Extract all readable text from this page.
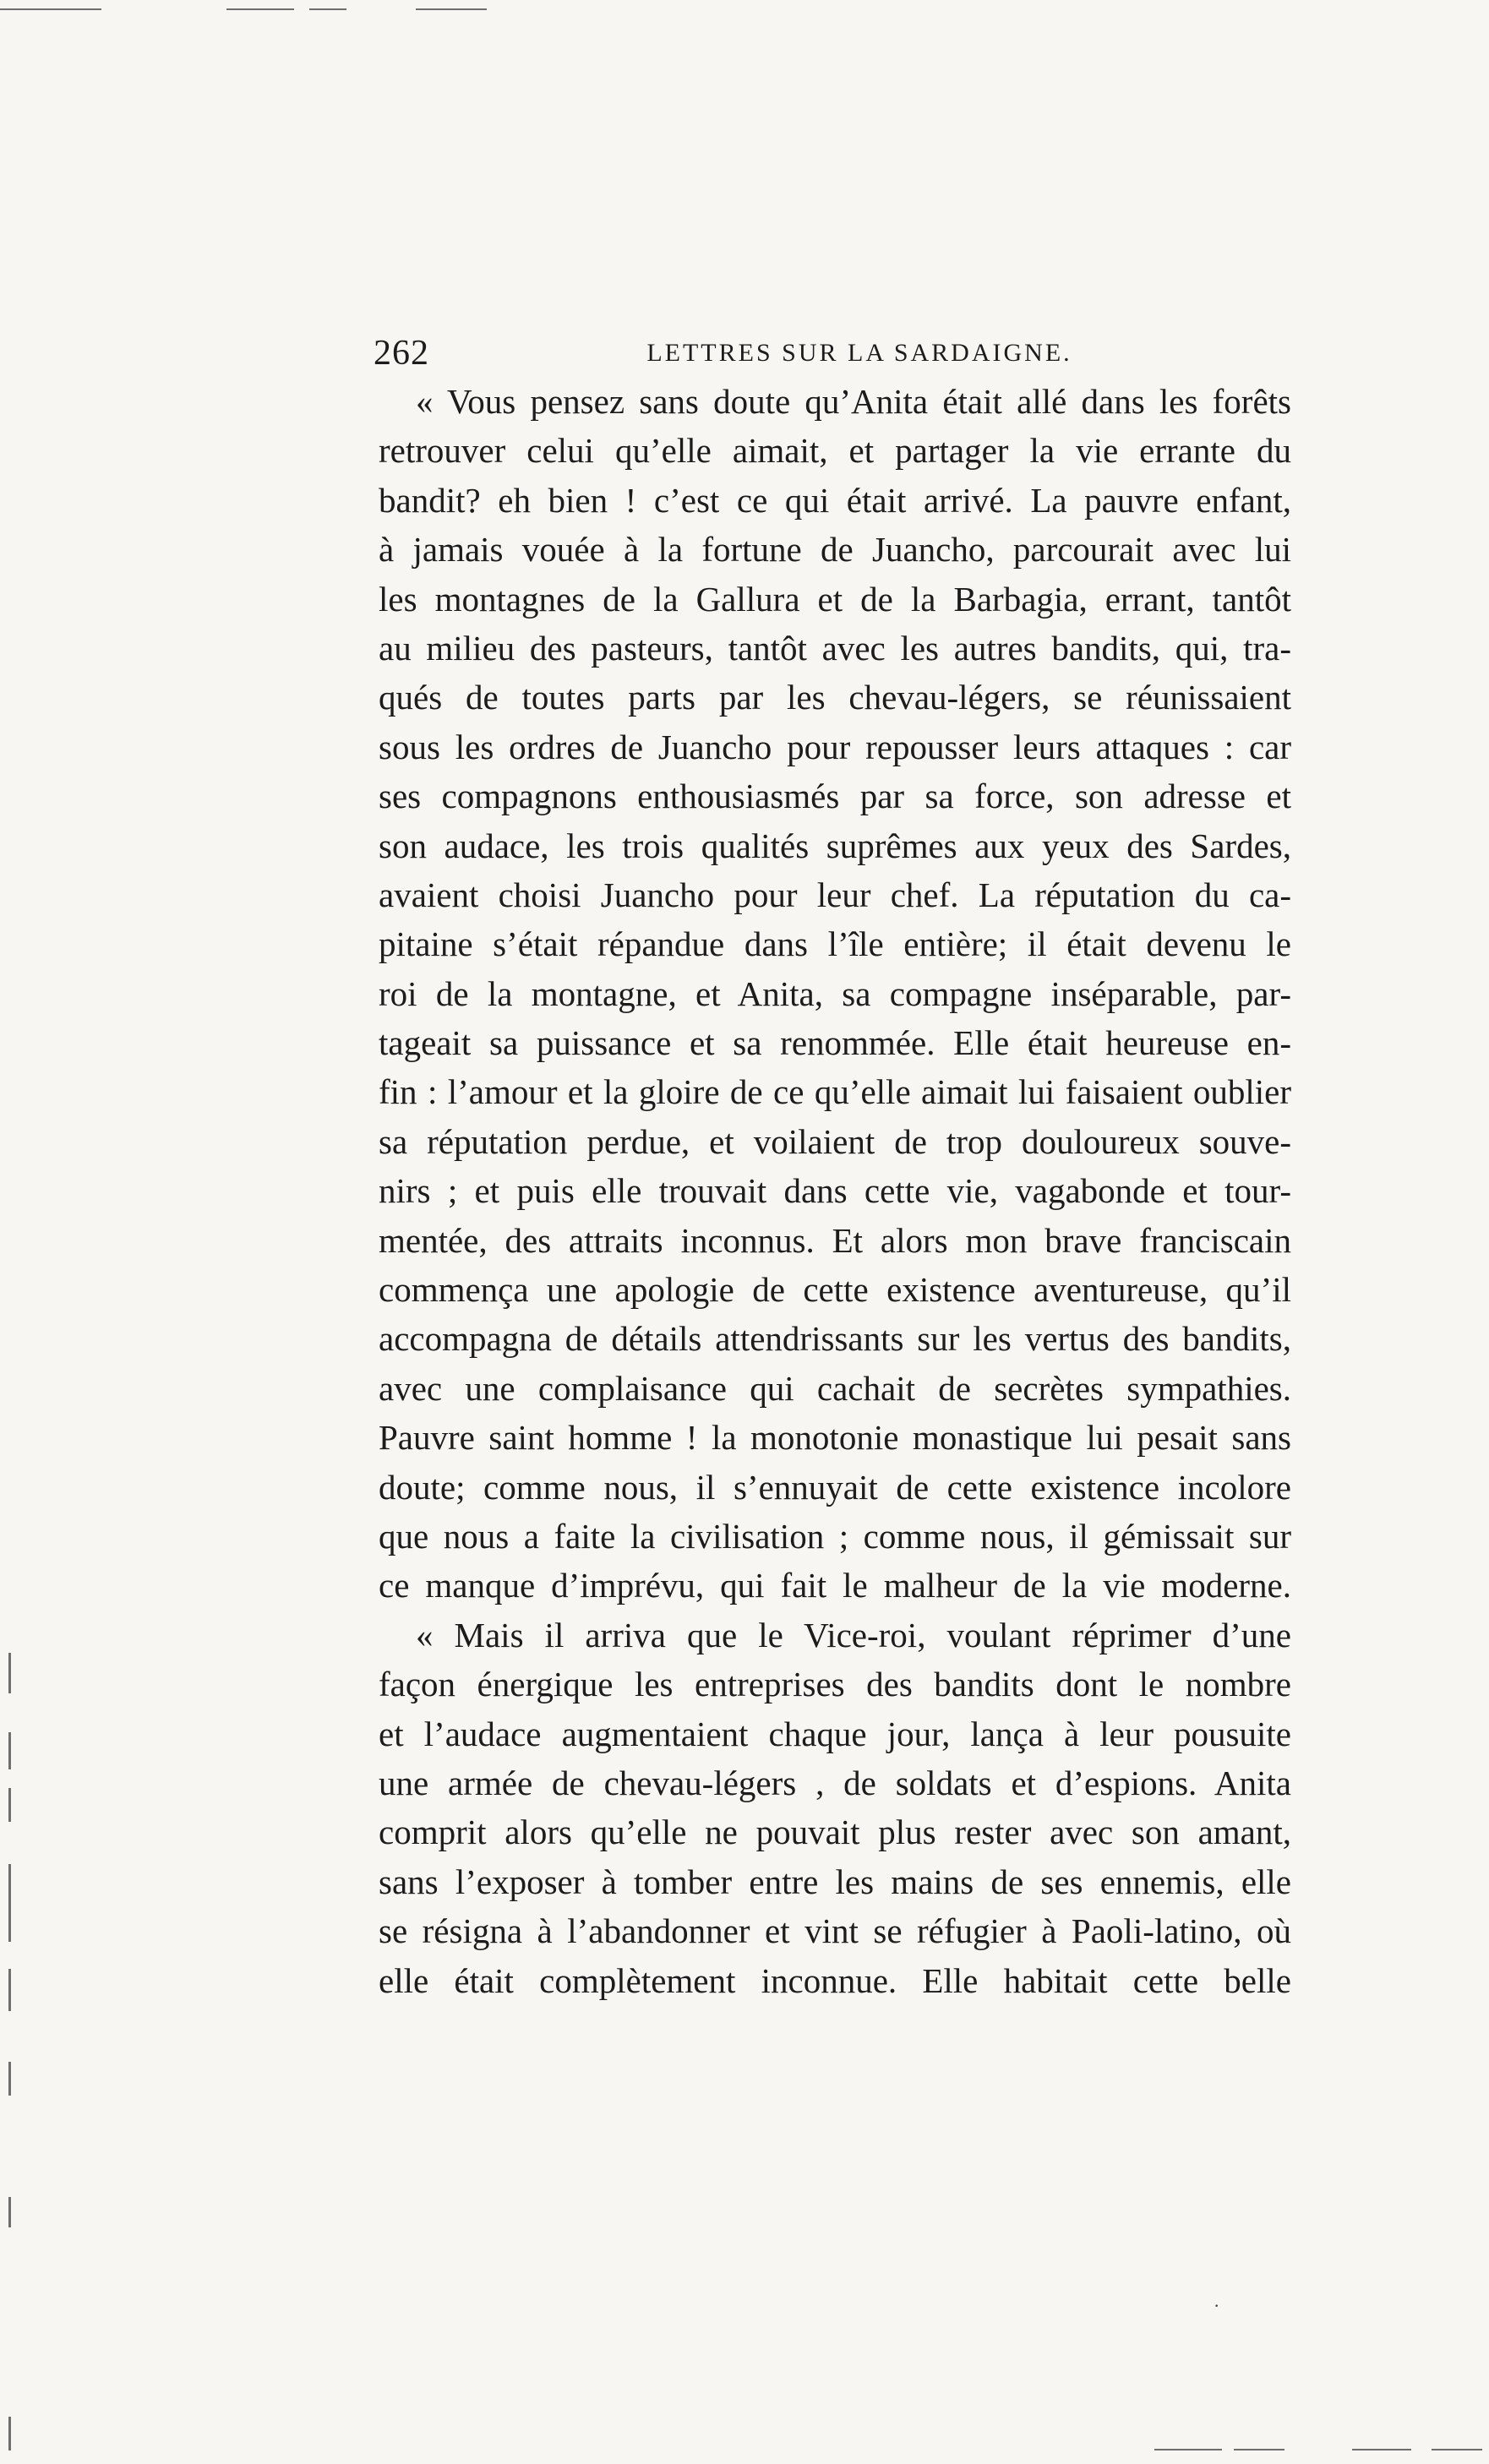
262	LETTRES SUR LA SARDAIGNE.
« Vous pensez sans doute qu’Anita était allé dans les forêts
retrouver celui qu’elle aimait, et partager la vie errante du
bandit? eh bien ! c’est ce qui était arrivé. La pauvre enfant,
à jamais vouée à la fortune de Juancho, parcourait avec lui
les montagnes de la Gallura et de la Barbagia, errant, tantôt
au milieu des pasteurs, tantôt avec les autres bandits, qui, tra-
qués de toutes parts par les chevau-légers, se réunissaient
sous les ordres de Juancho pour repousser leurs attaques : car
ses compagnons enthousiasmés par sa force, son adresse et
son audace, les trois qualités suprêmes aux yeux des Sardes,
avaient choisi Juancho pour leur chef. La réputation du ca-
pitaine s’était répandue dans l’île entière; il était devenu le
roi de la montagne, et Anita, sa compagne inséparable, par-
tageait sa puissance et sa renommée. Elle était heureuse en-
fin : l’amour et la gloire de ce qu’elle aimait lui faisaient oublier
sa réputation perdue, et voilaient de trop douloureux souve-
nirs ; et puis elle trouvait dans cette vie, vagabonde et tour-
mentée, des attraits inconnus. Et alors mon brave franciscain
commença une apologie de cette existence aventureuse, qu’il
accompagna de détails attendrissants sur les vertus des bandits,
avec une complaisance qui cachait de secrètes sympathies.
Pauvre saint homme ! la monotonie monastique lui pesait sans
doute; comme nous, il s’ennuyait de cette existence incolore
que nous a faite la civilisation ; comme nous, il gémissait sur
ce manque d’imprévu, qui fait le malheur de la vie moderne.
« Mais il arriva que le Vice-roi, voulant réprimer d’une
façon énergique les entreprises des bandits dont le nombre
et l’audace augmentaient chaque jour, lança à leur pousuite
une armée de chevau-légers , de soldats et d’espions. Anita
comprit alors qu’elle ne pouvait plus rester avec son amant,
sans l’exposer à tomber entre les mains de ses ennemis, elle
se résigna à l’abandonner et vint se réfugier à Paoli-latino, où
elle était complètement inconnue. Elle habitait cette belle
·
